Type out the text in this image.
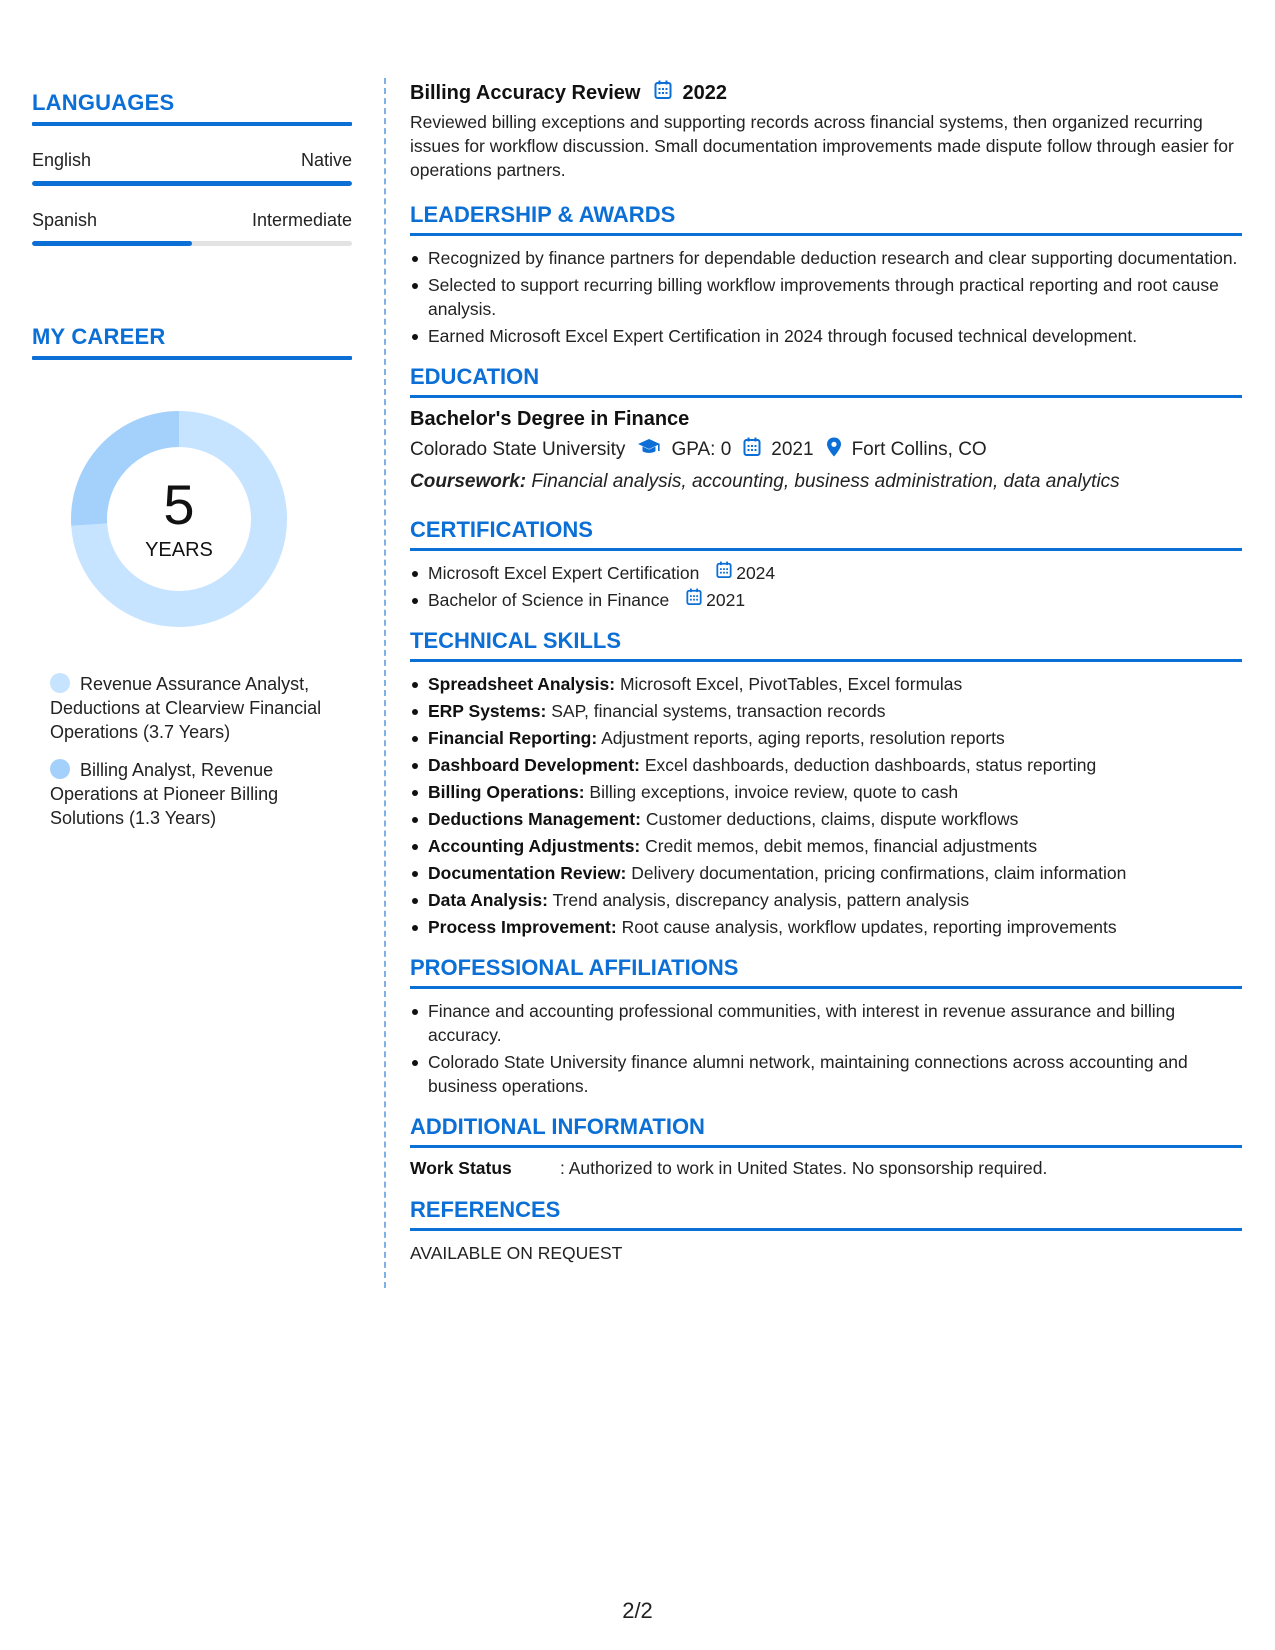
LANGUAGES
English	Native
Spanish	Intermediate
MY CAREER
5
YEARS
Revenue Assurance Analyst, Deductions at Clearview Financial Operations (3.7 Years)
Billing Analyst, Revenue Operations at Pioneer Billing Solutions (1.3 Years)
Billing Accuracy Review 2022
Reviewed billing exceptions and supporting records across financial systems, then organized recurring issues for workflow discussion. Small documentation improvements made dispute follow through easier for operations partners.
LEADERSHIP & AWARDS
Recognized by finance partners for dependable deduction research and clear supporting documentation.
Selected to support recurring billing workflow improvements through practical reporting and root cause analysis.
Earned Microsoft Excel Expert Certification in 2024 through focused technical development.
EDUCATION
Bachelor's Degree in Finance
Colorado State University GPA: 0 2021 Fort Collins, CO
Coursework: Financial analysis, accounting, business administration, data analytics
CERTIFICATIONS
Microsoft Excel Expert Certification 2024
Bachelor of Science in Finance 2021
TECHNICAL SKILLS
Spreadsheet Analysis: Microsoft Excel, PivotTables, Excel formulas
ERP Systems: SAP, financial systems, transaction records
Financial Reporting: Adjustment reports, aging reports, resolution reports
Dashboard Development: Excel dashboards, deduction dashboards, status reporting
Billing Operations: Billing exceptions, invoice review, quote to cash
Deductions Management: Customer deductions, claims, dispute workflows
Accounting Adjustments: Credit memos, debit memos, financial adjustments
Documentation Review: Delivery documentation, pricing confirmations, claim information
Data Analysis: Trend analysis, discrepancy analysis, pattern analysis
Process Improvement: Root cause analysis, workflow updates, reporting improvements
PROFESSIONAL AFFILIATIONS
Finance and accounting professional communities, with interest in revenue assurance and billing accuracy.
Colorado State University finance alumni network, maintaining connections across accounting and business operations.
ADDITIONAL INFORMATION
Work Status	: Authorized to work in United States. No sponsorship required.
REFERENCES
AVAILABLE ON REQUEST
2/2
